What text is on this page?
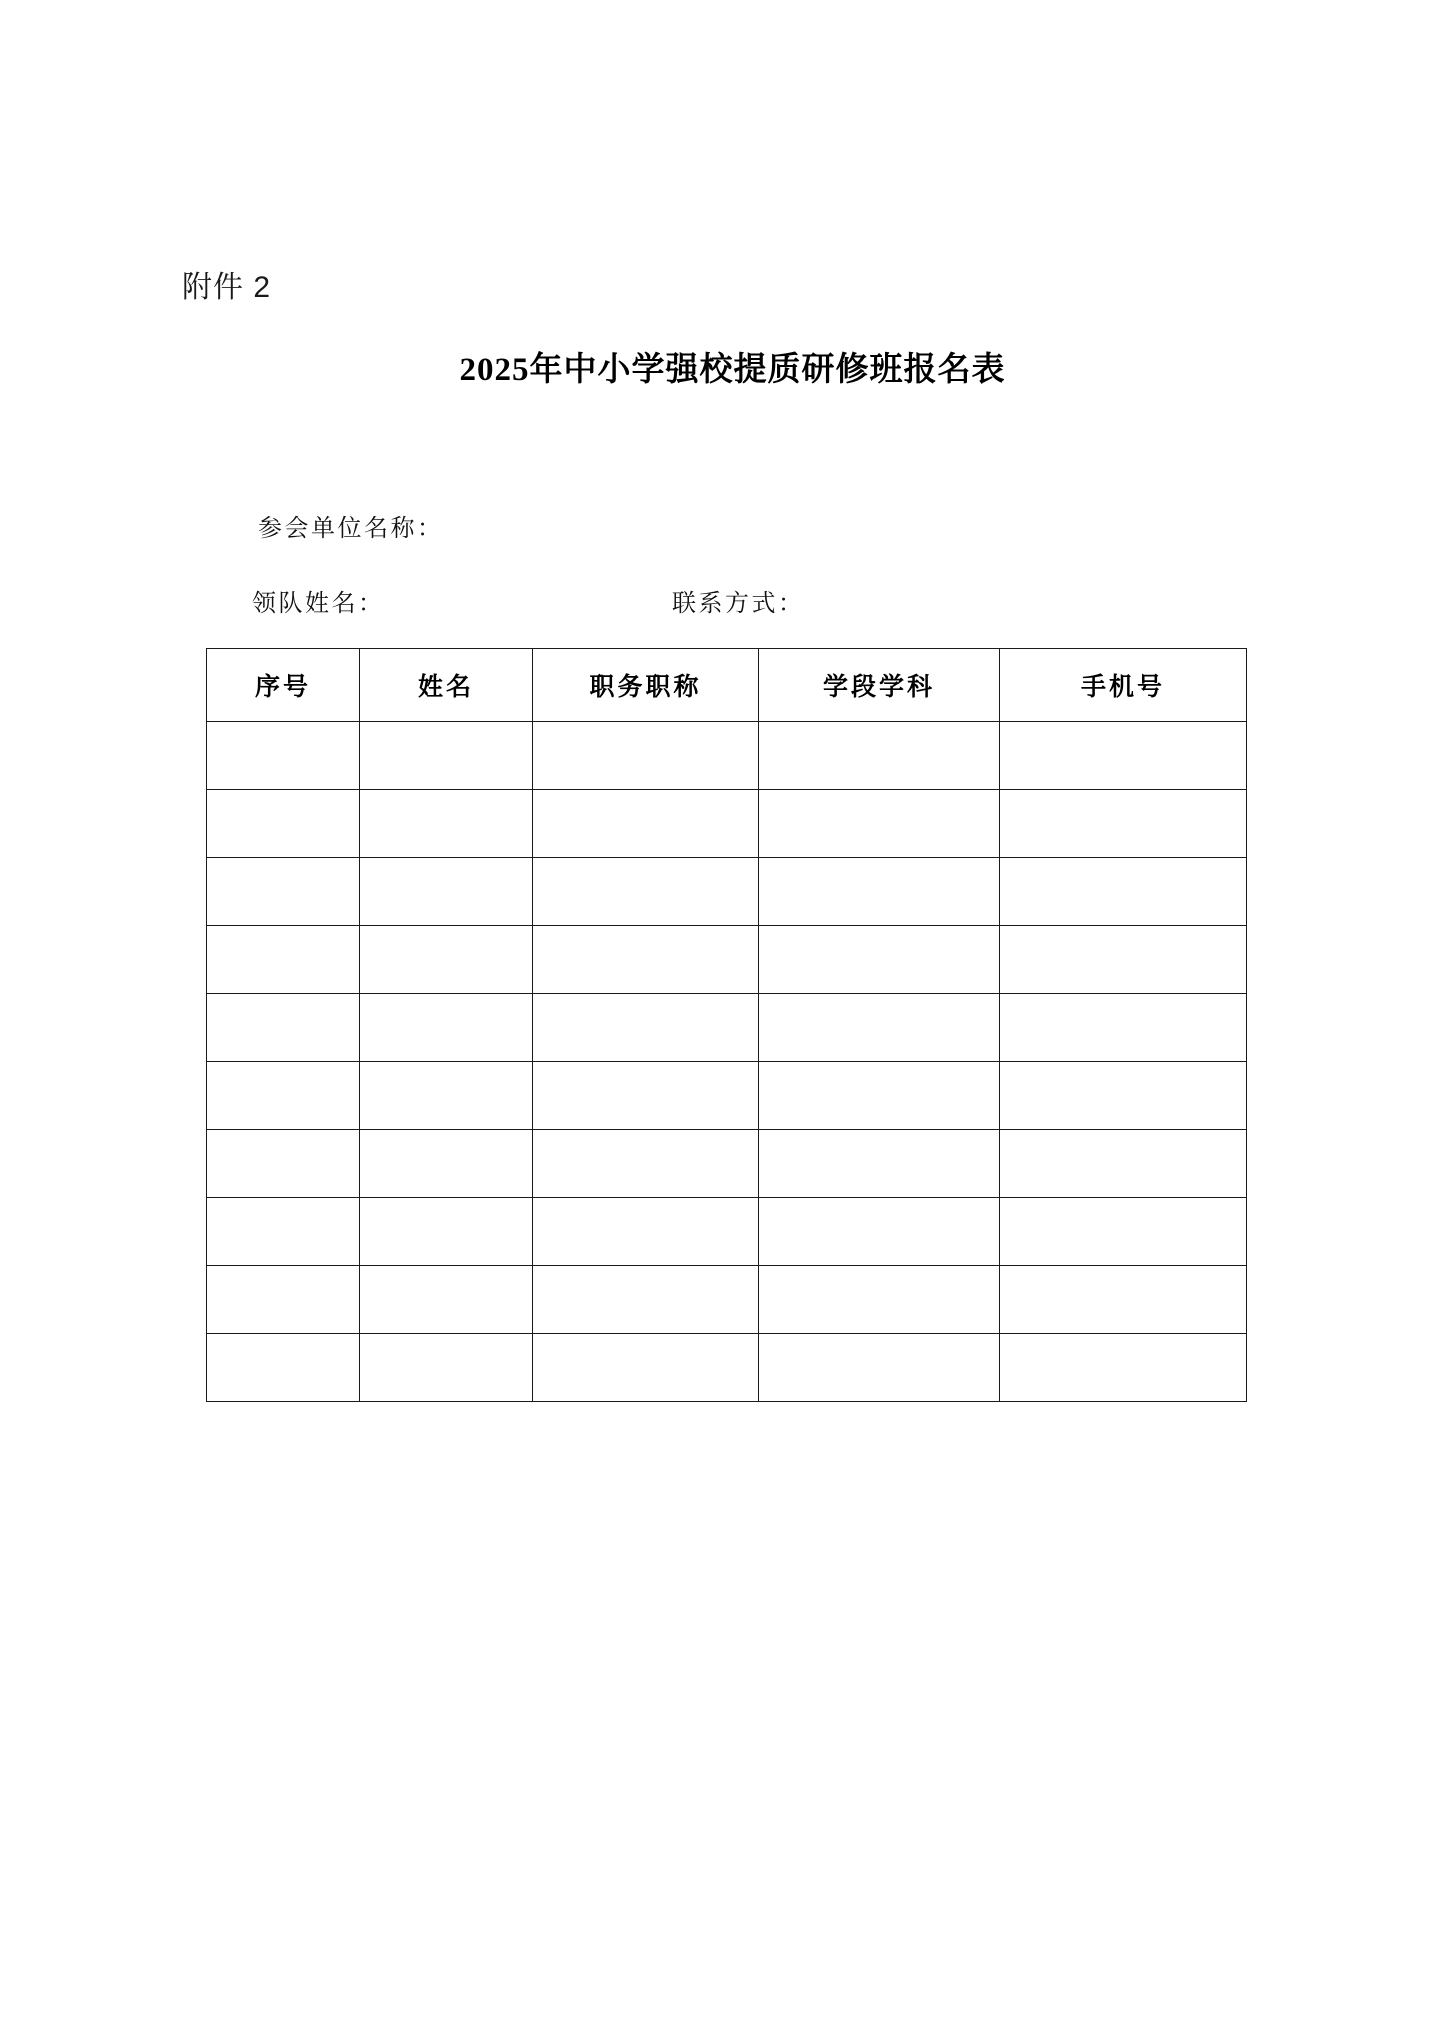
附件 2
2025年中小学强校提质研修班报名表
参会单位名称：
领队姓名：	联系方式：
序号	姓名	职务职称	学段学科	手机号
